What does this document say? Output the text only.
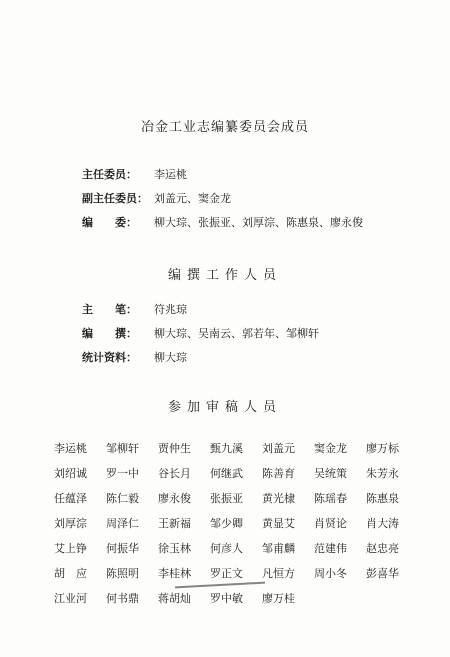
冶金工业志编纂委员会成员
主任委员： 李运桃
副主任委员： 刘盖元、窦金龙
编　　委： 柳大琮、张振亚、刘厚淙、陈惠泉、廖永俊
编撰工作人员
主　　笔： 符兆琼
编　　撰： 柳大琮、吴南云、郭若年、邹柳轩
统计资料： 柳大琮
参加审稿人员
李运桃	邹柳轩	贾仲生	甄九溪	刘盖元	窦金龙	廖万标
刘绍诚	罗一中	谷长月	何继武	陈善育	吴统策	朱芳永
任蕴泽	陈仁毅	廖永俊	张振亚	黄光棣	陈瑶春	陈惠泉
刘厚淙	周泽仁	王新福	邹少卿	黄显艾	肖贤论	肖大涛
艾上铮	何振华	徐玉林	何彦人	邹甫麟	范建伟	赵忠亮
胡　应	陈照明	李桂林	罗正文	凡恒方	周小冬	彭喜华
江业河	何书鼎	蒋胡灿	罗中敏	廖万桂
